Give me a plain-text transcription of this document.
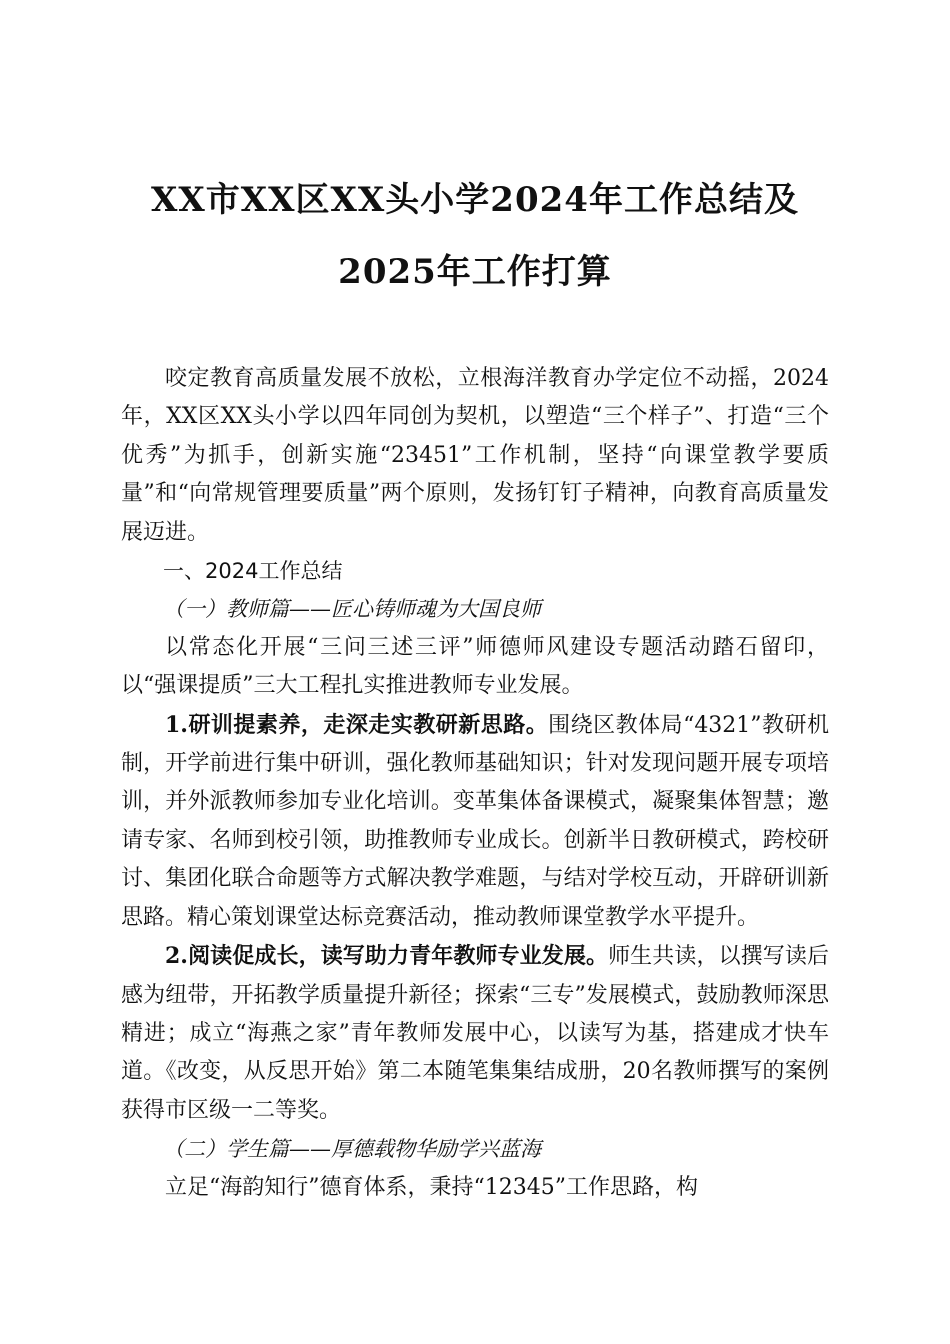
XX市XX区XX头小学2024年工作总结及
2025年工作打算

咬定教育高质量发展不放松，立根海洋教育办学定位不动摇，2024年，XX区XX头小学以四年同创为契机，以塑造“三个样子”、打造“三个优秀”为抓手，创新实施“23451”工作机制，坚持“向课堂教学要质量”和“向常规管理要质量”两个原则，发扬钉钉子精神，向教育高质量发展迈进。

一、2024工作总结

（一）教师篇——匠心铸师魂为大国良师

以常态化开展“三问三述三评”师德师风建设专题活动踏石留印，以“强课提质”三大工程扎实推进教师专业发展。

1.研训提素养，走深走实教研新思路。围绕区教体局“4321”教研机制，开学前进行集中研训，强化教师基础知识；针对发现问题开展专项培训，并外派教师参加专业化培训。变革集体备课模式，凝聚集体智慧；邀请专家、名师到校引领，助推教师专业成长。创新半日教研模式，跨校研讨、集团化联合命题等方式解决教学难题，与结对学校互动，开辟研训新思路。精心策划课堂达标竞赛活动，推动教师课堂教学水平提升。

2.阅读促成长，读写助力青年教师专业发展。师生共读，以撰写读后感为纽带，开拓教学质量提升新径；探索“三专”发展模式，鼓励教师深思精进；成立“海燕之家”青年教师发展中心，以读写为基，搭建成才快车道。《改变，从反思开始》第二本随笔集集结成册，20名教师撰写的案例获得市区级一二等奖。

（二）学生篇——厚德载物华励学兴蓝海

立足“海韵知行”德育体系，秉持“12345”工作思路，构
